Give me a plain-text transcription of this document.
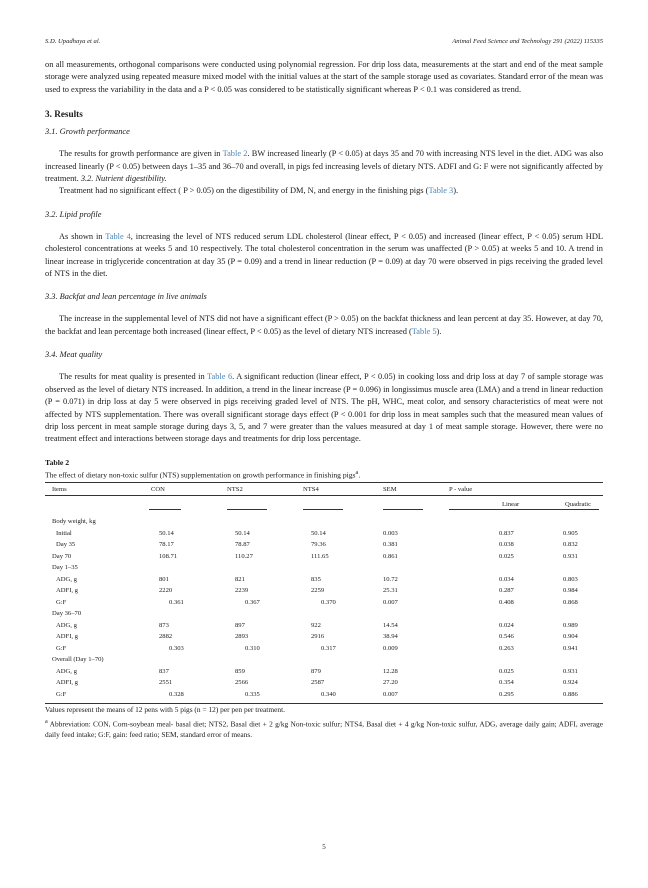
S.D. Upadhaya et al.	Animal Feed Science and Technology 291 (2022) 115335

on all measurements, orthogonal comparisons were conducted using polynomial regression. For drip loss data, measurements at the start and end of the meat sample storage were analyzed using repeated measure mixed model with the initial values at the start of the sample storage used as covariates. Standard error of the mean was used to express the variability in the data and a P < 0.05 was considered to be statistically significant whereas P < 0.1 was considered as trend.

3. Results
3.1. Growth performance

The results for growth performance are given in Table 2. BW increased linearly (P < 0.05) at days 35 and 70 with increasing NTS level in the diet. ADG was also increased linearly (P < 0.05) between days 1–35 and 36–70 and overall, in pigs fed increasing levels of dietary NTS. ADFI and G: F were not significantly affected by treatment. 3.2. Nutrient digestibility.

Treatment had no significant effect ( P > 0.05) on the digestibility of DM, N, and energy in the finishing pigs (Table 3).

3.2. Lipid profile

As shown in Table 4, increasing the level of NTS reduced serum LDL cholesterol (linear effect, P < 0.05) and increased (linear effect, P < 0.05) serum HDL cholesterol concentrations at weeks 5 and 10 respectively. The total cholesterol concentration in the serum was unaffected (P > 0.05) at weeks 5 and 10. A trend in linear increase in triglyceride concentration at day 35 (P = 0.09) and a trend in linear reduction (P = 0.09) at day 70 were observed in pigs receiving the graded level of NTS in the diet.

3.3. Backfat and lean percentage in live animals

The increase in the supplemental level of NTS did not have a significant effect (P > 0.05) on the backfat thickness and lean percent at day 35. However, at day 70, the backfat and lean percentage both increased (linear effect, P < 0.05) as the level of dietary NTS increased (Table 5).

3.4. Meat quality

The results for meat quality is presented in Table 6. A significant reduction (linear effect, P < 0.05) in cooking loss and drip loss at day 7 of sample storage was observed as the level of dietary NTS increased. In addition, a trend in the linear increase (P = 0.096) in longissimus muscle area (LMA) and a trend in linear reduction (P = 0.071) in drip loss at day 5 were observed in pigs receiving graded level of NTS. The pH, WHC, meat color, and sensory characteristics of meat were not affected by NTS supplementation. There was overall significant storage days effect (P < 0.001 for drip loss in meat samples such that the measured mean values of drip loss percent in meat sample storage during days 3, 5, and 7 were greater than the values measured at day 1 of meat sample storage. However, there were no treatment effect and interactions between storage days and treatments for drip loss percentage.

Table 2
The effect of dietary non-toxic sulfur (NTS) supplementation on growth performance in finishing pigs$^a$.
Items	CON	NTS2	NTS4	SEM	P - value
Linear	Quadratic
Body weight, kg
Initial	50.14	50.14	50.14	0.003	0.837	0.905
Day 35	78.17	78.87	79.36	0.381	0.038	0.832
Day 70	108.71	110.27	111.65	0.861	0.025	0.931
Day 1–35
ADG, g	801	821	835	10.72	0.034	0.803
ADFI, g	2220	2239	2259	25.31	0.287	0.984
G:F	0.361	0.367	0.370	0.007	0.408	0.868
Day 36–70
ADG, g	873	897	922	14.54	0.024	0.989
ADFI, g	2882	2893	2916	38.94	0.546	0.904
G:F	0.303	0.310	0.317	0.009	0.263	0.941
Overall (Day 1–70)
ADG, g	837	859	879	12.28	0.025	0.931
ADFI, g	2551	2566	2587	27.20	0.354	0.924
G:F	0.328	0.335	0.340	0.007	0.295	0.886

Values represent the means of 12 pens with 5 pigs (n = 12) per pen per treatment.

$^a$ Abbreviation: CON, Corn-soybean meal- basal diet; NTS2, Basal diet + 2 g/kg Non-toxic sulfur; NTS4, Basal diet + 4 g/kg Non-toxic sulfur, ADG, average daily gain; ADFI, average daily feed intake; G:F, gain: feed ratio; SEM, standard error of means.

5
